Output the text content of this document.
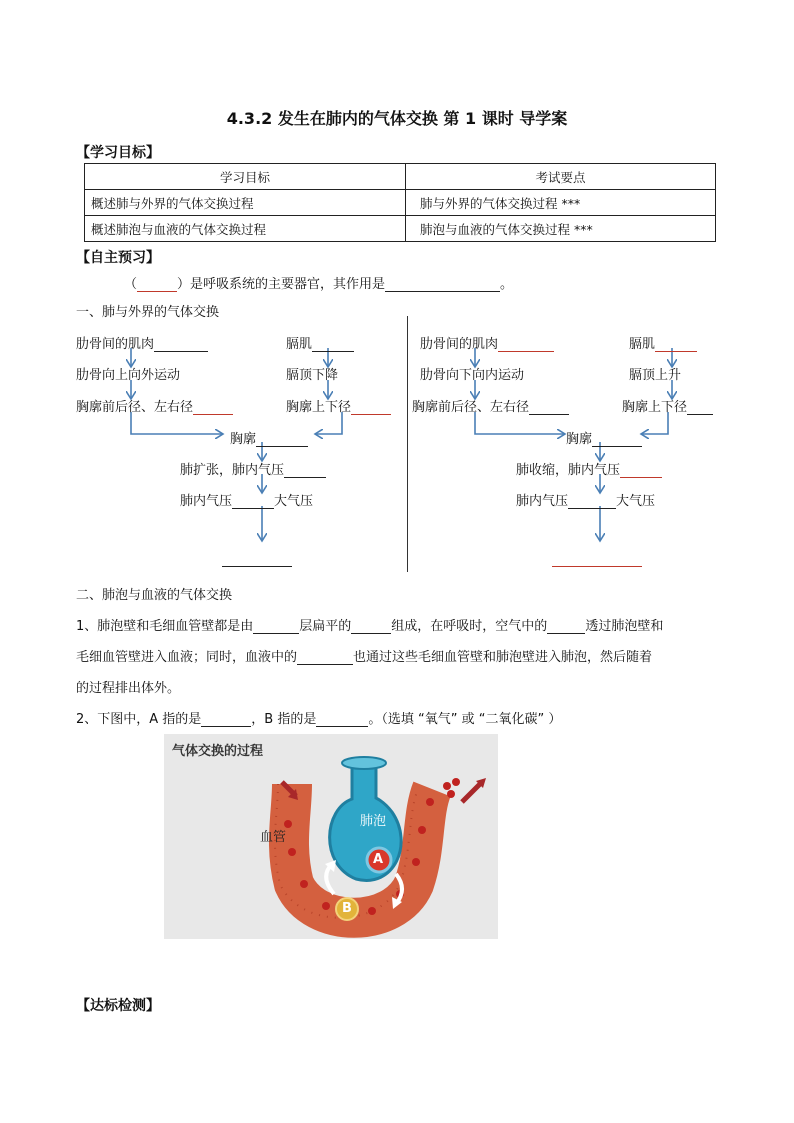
4.3.2 发生在肺内的气体交换 第 1 课时 导学案
【学习目标】
学习目标	考试要点
概述肺与外界的气体交换过程	肺与外界的气体交换过程 ***
概述肺泡与血液的气体交换过程	肺泡与血液的气体交换过程 ***
【自主预习】
（	）是呼吸系统的主要器官，其作用是	。
一、肺与外界的气体交换
肋骨间的肌肉	膈肌
肋骨向上向外运动	膈顶下降
胸廓前后径、左右径	胸廓上下径
胸廓
肺扩张，肺内气压
肺内气压	大气压
肋骨间的肌肉	膈肌
肋骨向下向内运动	膈顶上升
胸廓前后径、左右径	胸廓上下径
胸廓
肺收缩，肺内气压
肺内气压	大气压
二、肺泡与血液的气体交换
1、肺泡壁和毛细血管壁都是由	层扁平的	组成，在呼吸时，空气中的	透过肺泡壁和
毛细血管壁进入血液；同时，血液中的	也通过这些毛细血管壁和肺泡壁进入肺泡，然后随着
的过程排出体外。
2、下图中，A 指的是	，B 指的是	。（选填 “氧气” 或 “二氧化碳” ）
气体交换的过程
血管
肺泡
A
B
【达标检测】
